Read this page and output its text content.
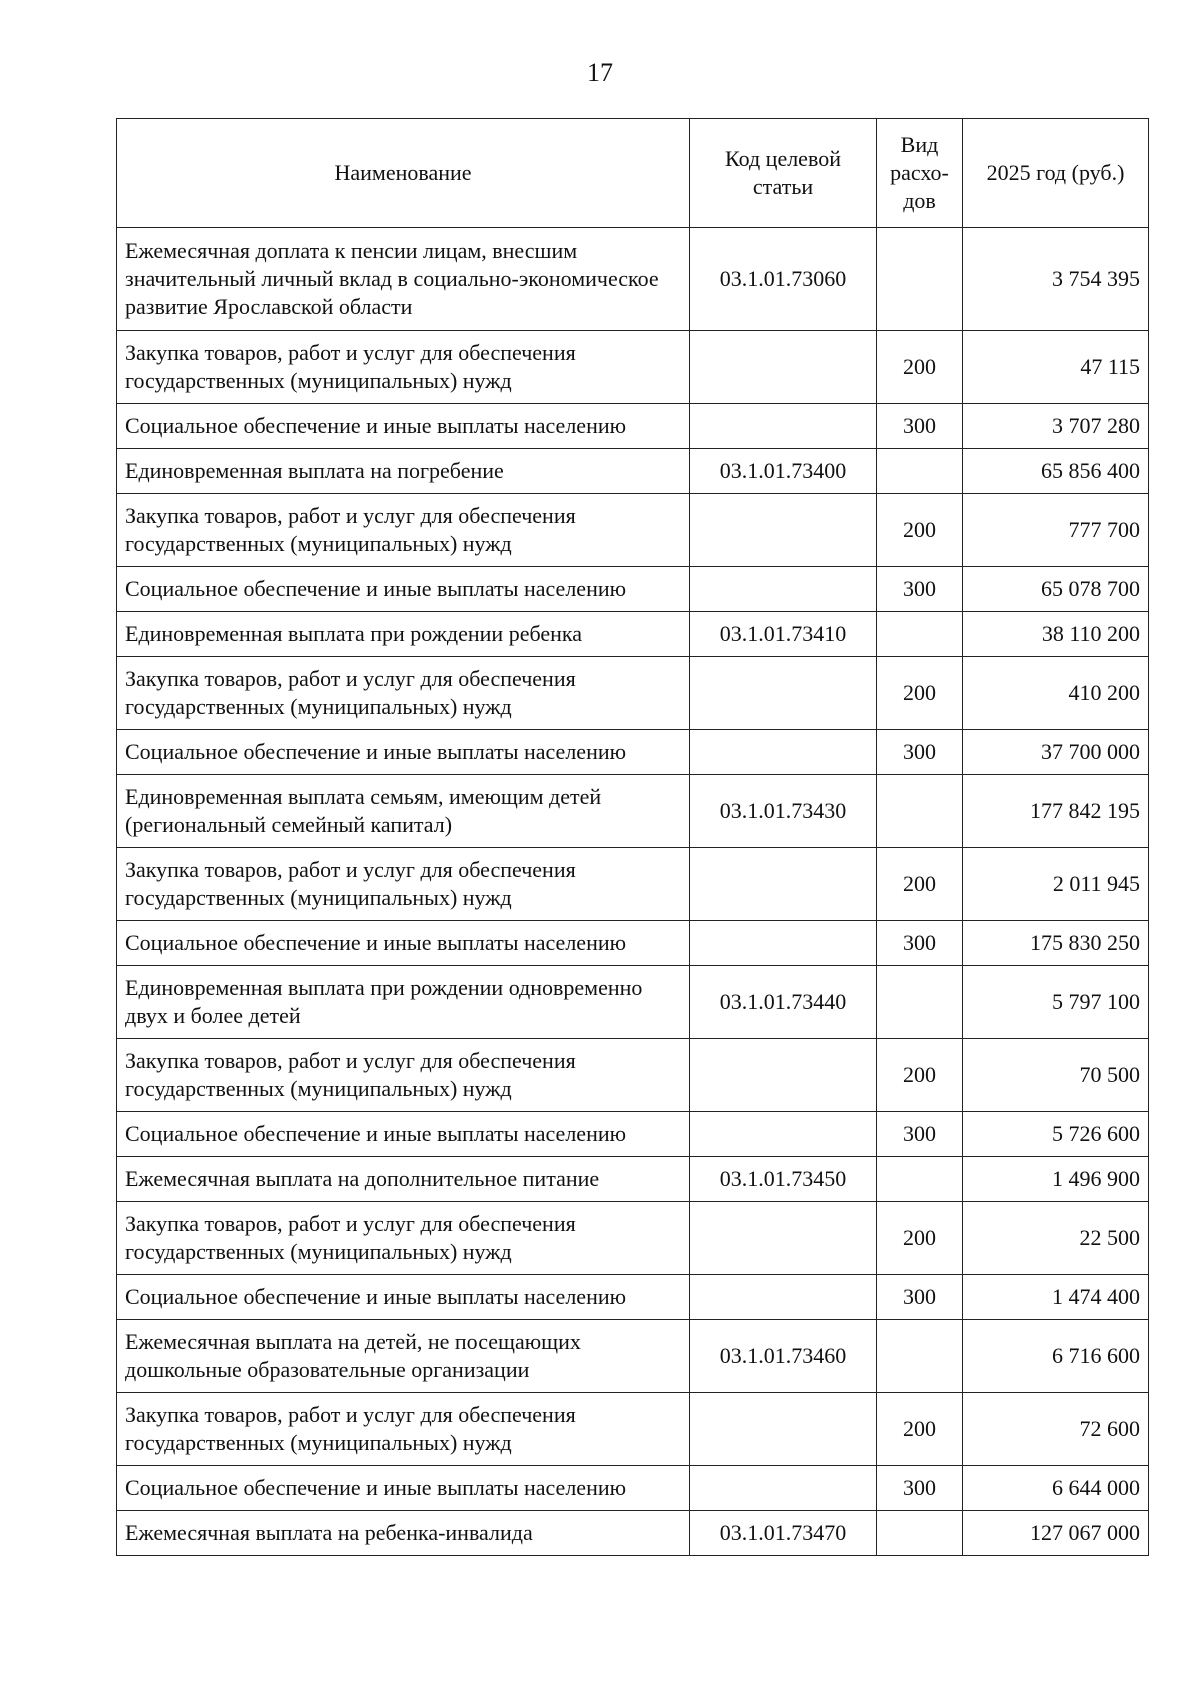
17
Наименование	Код целевой статьи	Вид расхо-дов	2025 год (руб.)
Ежемесячная доплата к пенсии лицам, внесшим значительный личный вклад в социально-экономическое развитие Ярославской области	03.1.01.73060		3 754 395
Закупка товаров, работ и услуг для обеспечения государственных (муниципальных) нужд		200	47 115
Социальное обеспечение и иные выплаты населению		300	3 707 280
Единовременная выплата на погребение	03.1.01.73400		65 856 400
Закупка товаров, работ и услуг для обеспечения государственных (муниципальных) нужд		200	777 700
Социальное обеспечение и иные выплаты населению		300	65 078 700
Единовременная выплата при рождении ребенка	03.1.01.73410		38 110 200
Закупка товаров, работ и услуг для обеспечения государственных (муниципальных) нужд		200	410 200
Социальное обеспечение и иные выплаты населению		300	37 700 000
Единовременная выплата семьям, имеющим детей (региональный семейный капитал)	03.1.01.73430		177 842 195
Закупка товаров, работ и услуг для обеспечения государственных (муниципальных) нужд		200	2 011 945
Социальное обеспечение и иные выплаты населению		300	175 830 250
Единовременная выплата при рождении одновременно двух и более детей	03.1.01.73440		5 797 100
Закупка товаров, работ и услуг для обеспечения государственных (муниципальных) нужд		200	70 500
Социальное обеспечение и иные выплаты населению		300	5 726 600
Ежемесячная выплата на дополнительное питание	03.1.01.73450		1 496 900
Закупка товаров, работ и услуг для обеспечения государственных (муниципальных) нужд		200	22 500
Социальное обеспечение и иные выплаты населению		300	1 474 400
Ежемесячная выплата на детей, не посещающих дошкольные образовательные организации	03.1.01.73460		6 716 600
Закупка товаров, работ и услуг для обеспечения государственных (муниципальных) нужд		200	72 600
Социальное обеспечение и иные выплаты населению		300	6 644 000
Ежемесячная выплата на ребенка-инвалида	03.1.01.73470		127 067 000
